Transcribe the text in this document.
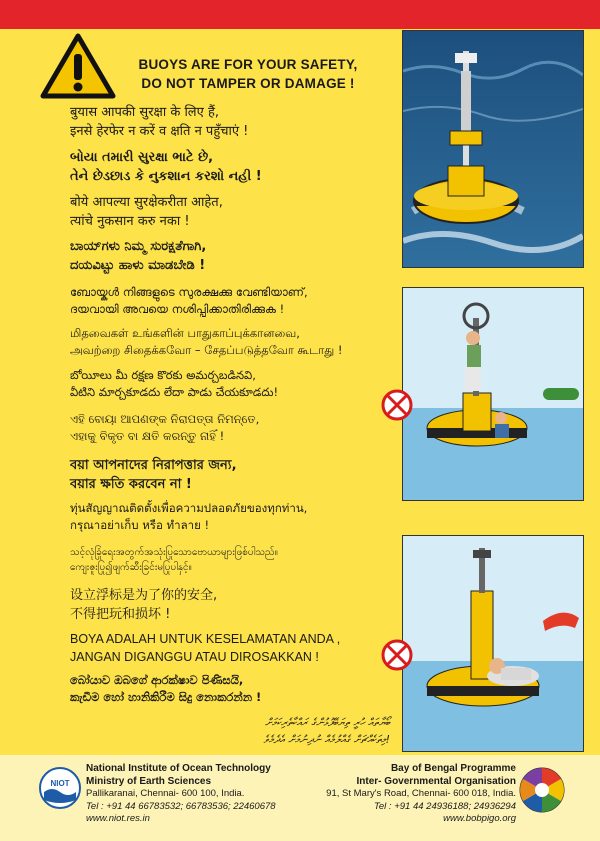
BUOYS ARE FOR YOUR SAFETY,
DO NOT TAMPER OR DAMAGE !
बुयास आपकी सुरक्षा के लिए हैं,
इनसे हेरफेर न करें व क्षति न पहुँचाएं !
બોયા તમારી સુરક્ષા ભાટે છે,
તેને છેડછાડ કે નુકશાન કરશો નહી !
बोये आपल्या सुरक्षेकरीता आहेत,
त्यांचे नुकसान करु नका !
ಬಾಯ್‌ಗಳು ನಿಮ್ಮ ಸುರಕ್ಷತೆಗಾಗಿ,
ದಯವಿಟ್ಟು ಹಾಳು ಮಾಡಬೇಡಿ !
ബോയ്കൾ നിങ്ങളുടെ സുരക്ഷക്കു വേണ്ടിയാണ്,
ദയവായി അവയെ നശിപ്പിക്കാതിരിക്കുക !
மிதவைகள் உங்களின் பாதுகாப்புக்கானவை,
அவற்றை சிதைக்கவோ – சேதப்படுத்தவோ கூடாது !
బోయీలు మీ రక్షణ కొరకు అమర్చబడినవి,
వీటిని మార్చకూడదు లేదా పాడు చేయకూడదు!
ଏହି ବୋୟା ଆପଣଙ୍କ ନିରାପତ୍ତା ନିମନ୍ତେ,
ଏହାକୁ ବିକୃତ ବା କ୍ଷତି କରନ୍ତୁ ନାହିଁ !
বয়া আপনাদের নিরাপত্তার জন্য,
বয়ার ক্ষতি করবেন না !
ทุ่นสัญญาณติดตั้งเพื่อความปลอดภัยของทุกท่าน,
กรุณาอย่าเก็บ หรือ ทำลาย !
သင့်လုံခြုံရေးအတွက်အသုံးပြုသောဗောယာများဖြစ်ပါသည်။
ကျေးဇူးပြု၍ဖျက်ဆီးခြင်းမပြုပါနှင့်။
设立浮标是为了你的安全,
不得把玩和损坏 !
BOYA ADALAH UNTUK KESELAMATAN ANDA ,
JANGAN DIGANGGU ATAU DIROSAKKAN !
බෝයාව ඔබගේ ආරක්ෂාව පිණිසයි,
කැඩීම හෝ හානිකිරීම සිදු නොකරන්න !
ބޯޔާތައް ހުރީ ތިޔަބޭފުޅުންގެ ރައްކާތެރިކަމަށް
މިތަކެއްޗަށް ގެއްލުމެއް ނުދިނުމަށް އެދެމެވެ!
NIOT
National Institute of Ocean Technology
Ministry of Earth Sciences
Pallikaranai, Chennai- 600 100, India.
Tel : +91 44 66783532; 66783536; 22460678
www.niot.res.in
Bay of Bengal Programme
Inter- Governmental Organisation
91, St Mary's Road, Chennai- 600 018, India.
Tel : +91 44 24936188; 24936294
www.bobpigo.org
